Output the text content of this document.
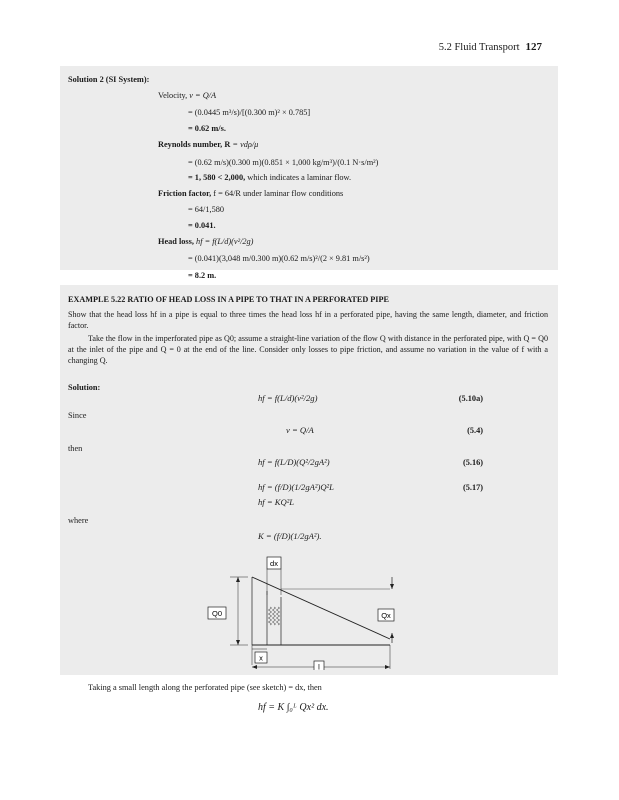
5.2 Fluid Transport 127
Solution 2 (SI System):
Velocity, v = Q/A
= (0.0445 m³/s)/[(0.300 m)² × 0.785]
= 0.62 m/s.
Reynolds number, R = vdρ/μ
= (0.62 m/s)(0.300 m)(0.851 × 1,000 kg/m³)/(0.1 N·s/m²)
= 1, 580 < 2,000, which indicates a laminar flow.
Friction factor, f = 64/R under laminar flow conditions
= 64/1,580
= 0.041.
Head loss, hf = f(L/d)(v²/2g)
= (0.041)(3,048 m/0.300 m)(0.62 m/s)²/(2 × 9.81 m/s²)
= 8.2 m.
EXAMPLE 5.22 RATIO OF HEAD LOSS IN A PIPE TO THAT IN A PERFORATED PIPE
Show that the head loss hf in a pipe is equal to three times the head loss hf in a perforated pipe, having the same length, diameter, and friction factor.
Take the flow in the imperforated pipe as Q0; assume a straight-line variation of the flow Q with distance in the perforated pipe, with Q = Q0 at the inlet of the pipe and Q = 0 at the end of the line. Consider only losses to pipe friction, and assume no variation in the value of f with a changing Q.
Solution:
hf = f(L/d)(v²/2g)	(5.10a)
Since
v = Q/A	(5.4)
then
hf = f(L/D)(Q²/2gA²)	(5.16)
hf = (f/D)(1/2gA²)Q²L	(5.17)
hf = KQ²L
where
K = (f/D)(1/2gA²).
dx
Q0	Qx
x
l
Taking a small length along the perforated pipe (see sketch) = dx, then
hf = K ∫₀ᴸ Qx² dx.
